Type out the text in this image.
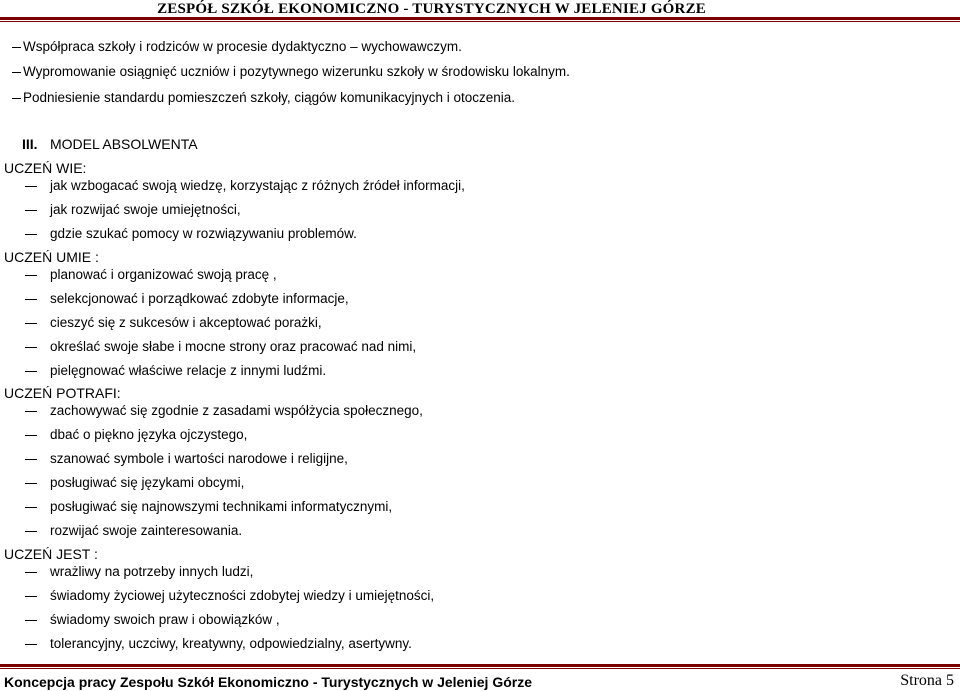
ZESPÓŁ SZKÓŁ EKONOMICZNO - TURYSTYCZNYCH W JELENIEJ GÓRZE
Współpraca szkoły i rodziców w procesie dydaktyczno – wychowawczym.
Wypromowanie osiągnięć uczniów i pozytywnego wizerunku szkoły w środowisku lokalnym.
Podniesienie standardu pomieszczeń szkoły, ciągów komunikacyjnych i otoczenia.
III. MODEL ABSOLWENTA
UCZEŃ WIE:
jak wzbogacać swoją wiedzę, korzystając z różnych źródeł informacji,
jak rozwijać swoje umiejętności,
gdzie szukać pomocy w rozwiązywaniu problemów.
UCZEŃ UMIE :
planować i organizować swoją pracę ,
selekcjonować i porządkować zdobyte informacje,
cieszyć się z sukcesów i akceptować porażki,
określać swoje słabe i mocne strony oraz pracować nad nimi,
pielęgnować właściwe relacje z innymi ludźmi.
UCZEŃ POTRAFI:
zachowywać się zgodnie z zasadami współżycia społecznego,
dbać o piękno języka ojczystego,
szanować symbole i wartości narodowe i religijne,
posługiwać się językami obcymi,
posługiwać się najnowszymi technikami informatycznymi,
rozwijać swoje zainteresowania.
UCZEŃ JEST :
wrażliwy na potrzeby innych ludzi,
świadomy życiowej użyteczności zdobytej wiedzy i umiejętności,
świadomy swoich praw i obowiązków ,
tolerancyjny, uczciwy, kreatywny, odpowiedzialny, asertywny.
Koncepcja pracy Zespołu Szkół Ekonomiczno - Turystycznych w Jeleniej Górze	Strona 5
